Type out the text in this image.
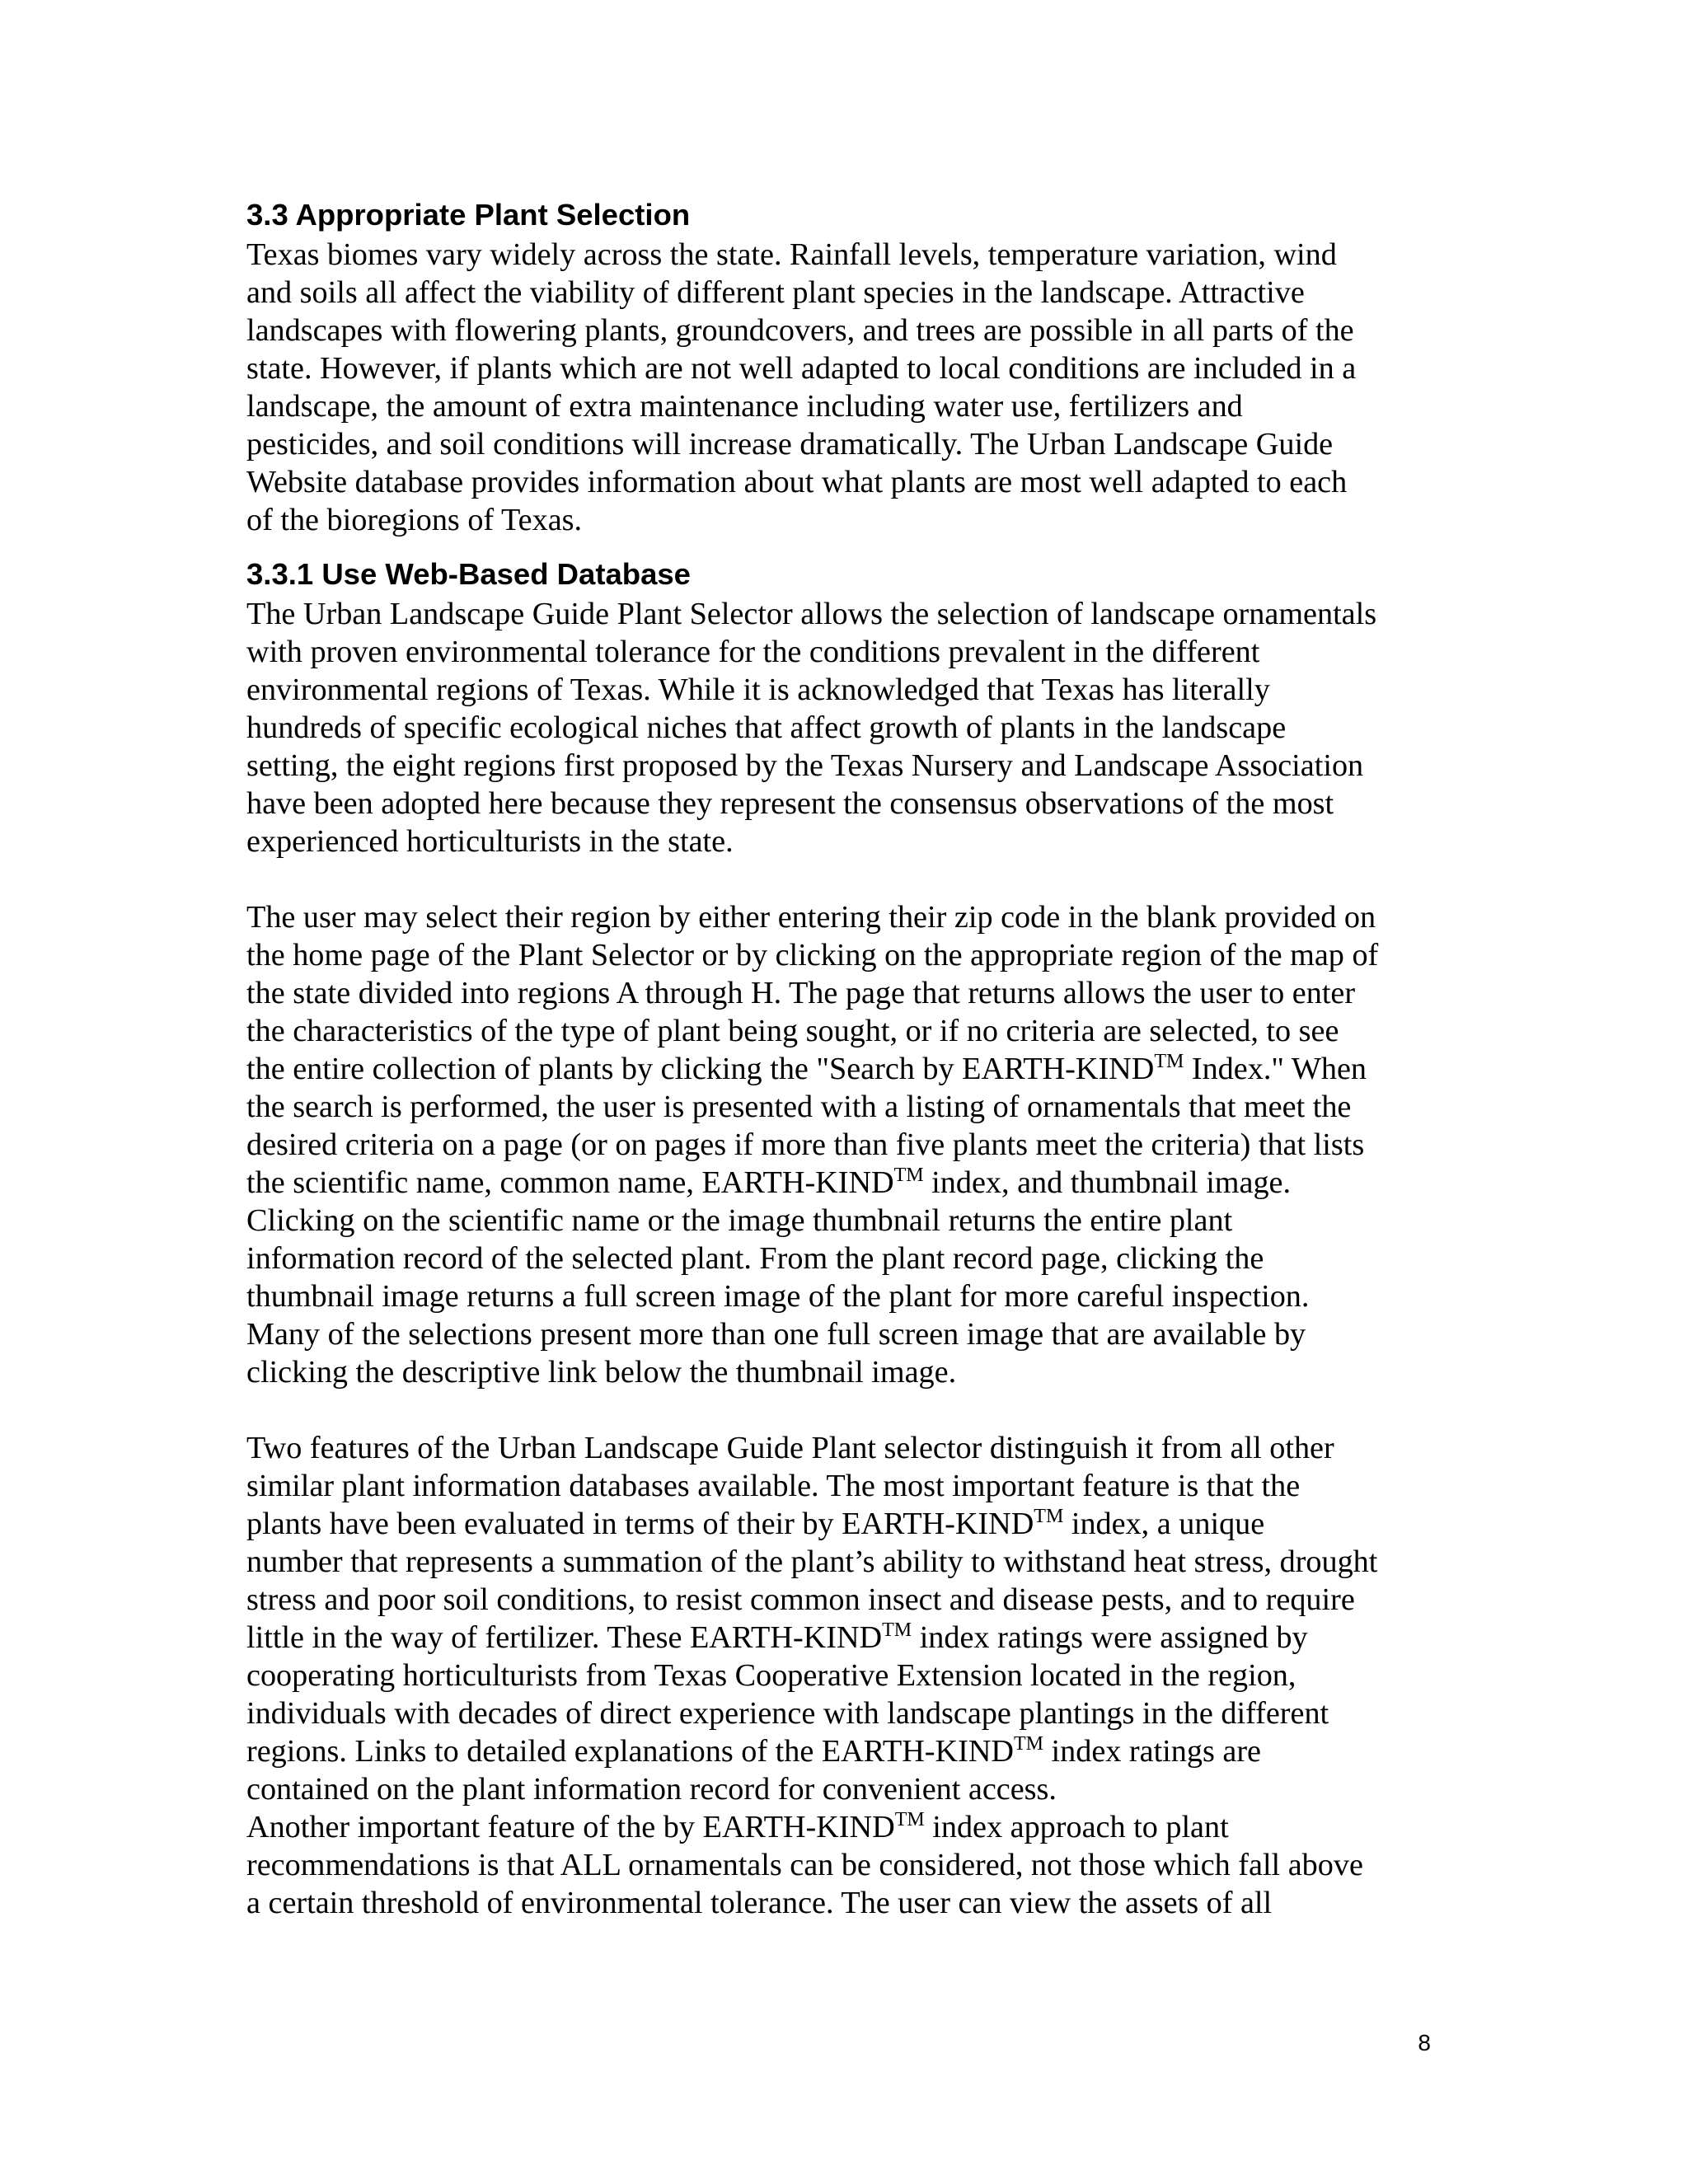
3.3 Appropriate Plant Selection

Texas biomes vary widely across the state. Rainfall levels, temperature variation, wind
and soils all affect the viability of different plant species in the landscape. Attractive
landscapes with flowering plants, groundcovers, and trees are possible in all parts of the
state. However, if plants which are not well adapted to local conditions are included in a
landscape, the amount of extra maintenance including water use, fertilizers and
pesticides, and soil conditions will increase dramatically. The Urban Landscape Guide
Website database provides information about what plants are most well adapted to each
of the bioregions of Texas.

3.3.1 Use Web-Based Database

The Urban Landscape Guide Plant Selector allows the selection of landscape ornamentals
with proven environmental tolerance for the conditions prevalent in the different
environmental regions of Texas. While it is acknowledged that Texas has literally
hundreds of specific ecological niches that affect growth of plants in the landscape
setting, the eight regions first proposed by the Texas Nursery and Landscape Association
have been adopted here because they represent the consensus observations of the most
experienced horticulturists in the state.

The user may select their region by either entering their zip code in the blank provided on
the home page of the Plant Selector or by clicking on the appropriate region of the map of
the state divided into regions A through H. The page that returns allows the user to enter
the characteristics of the type of plant being sought, or if no criteria are selected, to see
the entire collection of plants by clicking the "Search by EARTH-KIND™ Index." When
the search is performed, the user is presented with a listing of ornamentals that meet the
desired criteria on a page (or on pages if more than five plants meet the criteria) that lists
the scientific name, common name, EARTH-KIND™ index, and thumbnail image.
Clicking on the scientific name or the image thumbnail returns the entire plant
information record of the selected plant. From the plant record page, clicking the
thumbnail image returns a full screen image of the plant for more careful inspection.
Many of the selections present more than one full screen image that are available by
clicking the descriptive link below the thumbnail image.

Two features of the Urban Landscape Guide Plant selector distinguish it from all other
similar plant information databases available. The most important feature is that the
plants have been evaluated in terms of their by EARTH-KIND™ index, a unique
number that represents a summation of the plant’s ability to withstand heat stress, drought
stress and poor soil conditions, to resist common insect and disease pests, and to require
little in the way of fertilizer. These EARTH-KIND™ index ratings were assigned by
cooperating horticulturists from Texas Cooperative Extension located in the region,
individuals with decades of direct experience with landscape plantings in the different
regions. Links to detailed explanations of the EARTH-KIND™ index ratings are
contained on the plant information record for convenient access.
Another important feature of the by EARTH-KIND™ index approach to plant
recommendations is that ALL ornamentals can be considered, not those which fall above
a certain threshold of environmental tolerance. The user can view the assets of all

8
